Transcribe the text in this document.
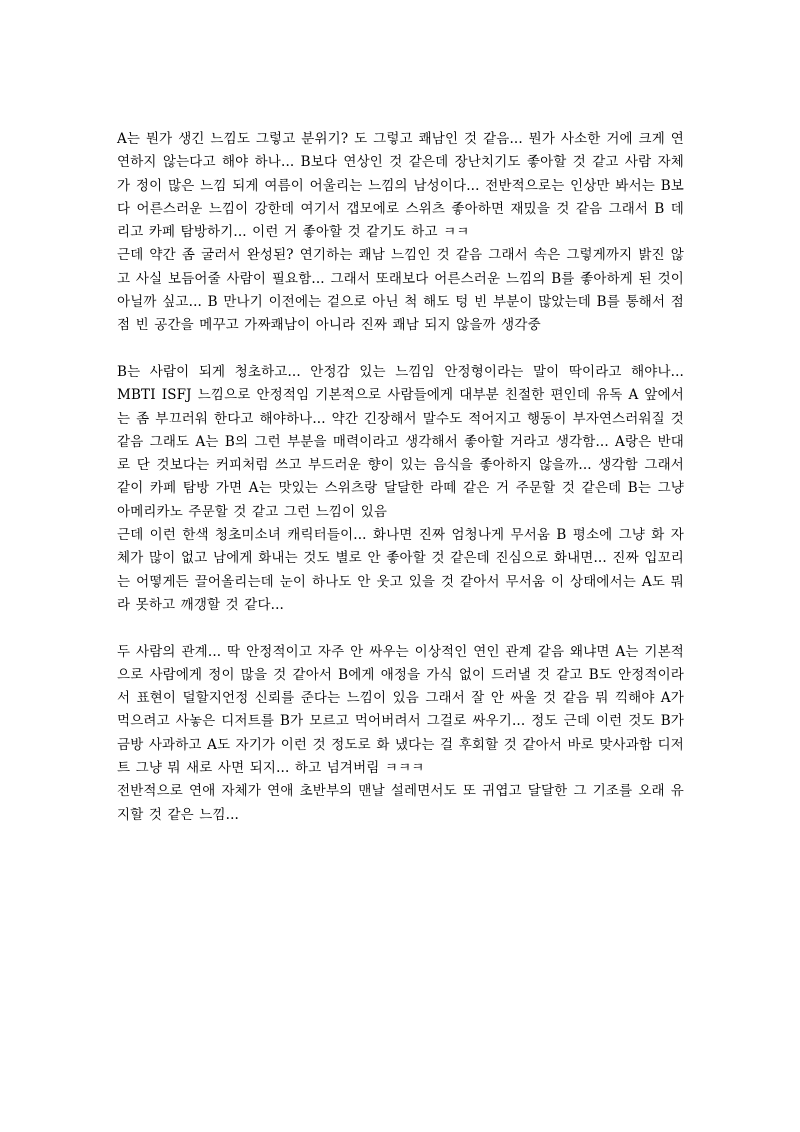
A는 뭔가 생긴 느낌도 그렇고 분위기? 도 그렇고 쾌남인 것 같음... 뭔가 사소한 거에 크게 연연하지 않는다고 해야 하나... B보다 연상인 것 같은데 장난치기도 좋아할 것 같고 사람 자체가 정이 많은 느낌 되게 여름이 어울리는 느낌의 남성이다... 전반적으로는 인상만 봐서는 B보다 어른스러운 느낌이 강한데 여기서 갭모에로 스위츠 좋아하면 재밌을 것 같음 그래서 B 데리고 카페 탐방하기... 이런 거 좋아할 것 같기도 하고 ㅋㅋ

근데 약간 좀 굴러서 완성된? 연기하는 쾌남 느낌인 것 같음 그래서 속은 그렇게까지 밝진 않고 사실 보듬어줄 사람이 필요함... 그래서 또래보다 어른스러운 느낌의 B를 좋아하게 된 것이 아닐까 싶고... B 만나기 이전에는 겉으로 아닌 척 해도 텅 빈 부분이 많았는데 B를 통해서 점점 빈 공간을 메꾸고 가짜쾌남이 아니라 진짜 쾌남 되지 않을까 생각중

B는 사람이 되게 청초하고... 안정감 있는 느낌임 안정형이라는 말이 딱이라고 해야나... MBTI ISFJ 느낌으로 안정적임 기본적으로 사람들에게 대부분 친절한 편인데 유독 A 앞에서는 좀 부끄러워 한다고 해야하나... 약간 긴장해서 말수도 적어지고 행동이 부자연스러워질 것 같음 그래도 A는 B의 그런 부분을 매력이라고 생각해서 좋아할 거라고 생각함... A랑은 반대로 단 것보다는 커피처럼 쓰고 부드러운 향이 있는 음식을 좋아하지 않을까... 생각함 그래서 같이 카페 탐방 가면 A는 맛있는 스위츠랑 달달한 라떼 같은 거 주문할 것 같은데 B는 그냥 아메리카노 주문할 것 같고 그런 느낌이 있음

근데 이런 한색 청초미소녀 캐릭터들이... 화나면 진짜 엄청나게 무서움 B 평소에 그냥 화 자체가 많이 없고 남에게 화내는 것도 별로 안 좋아할 것 같은데 진심으로 화내면... 진짜 입꼬리는 어떻게든 끌어올리는데 눈이 하나도 안 웃고 있을 것 같아서 무서움 이 상태에서는 A도 뭐라 못하고 깨갱할 것 같다...

두 사람의 관계... 딱 안정적이고 자주 안 싸우는 이상적인 연인 관계 같음 왜냐면 A는 기본적으로 사람에게 정이 많을 것 같아서 B에게 애정을 가식 없이 드러낼 것 같고 B도 안정적이라서 표현이 덜할지언정 신뢰를 준다는 느낌이 있음 그래서 잘 안 싸울 것 같음 뭐 끽해야 A가 먹으려고 사놓은 디저트를 B가 모르고 먹어버려서 그걸로 싸우기... 정도 근데 이런 것도 B가 금방 사과하고 A도 자기가 이런 것 정도로 화 냈다는 걸 후회할 것 같아서 바로 맞사과함 디저트 그냥 뭐 새로 사면 되지... 하고 넘겨버림 ㅋㅋㅋ

전반적으로 연애 자체가 연애 초반부의 맨날 설레면서도 또 귀엽고 달달한 그 기조를 오래 유지할 것 같은 느낌...
